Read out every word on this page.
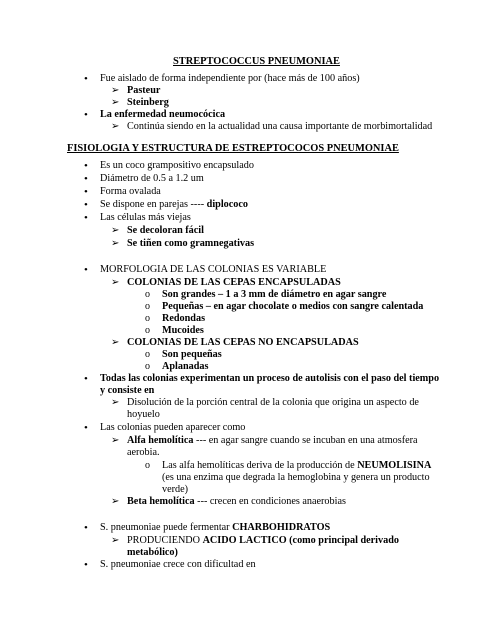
STREPTOCOCCUS PNEUMONIAE
•
Fue aislado de forma independiente por (hace más de 100 años)
➢
Pasteur
➢
Steinberg
•
La enfermedad neumocócica
➢
Continúa siendo en la actualidad una causa importante de morbimortalidad
FISIOLOGIA Y ESTRUCTURA DE ESTREPTOCOCOS PNEUMONIAE
•
Es un coco grampositivo encapsulado
•
Diámetro de 0.5 a 1.2 um
•
Forma ovalada
•
Se dispone en parejas ---- diplococo
•
Las células más viejas
➢
Se decoloran fácil
➢
Se tiñen como gramnegativas
•
MORFOLOGIA DE LAS COLONIAS ES VARIABLE
➢
COLONIAS DE LAS CEPAS ENCAPSULADAS
o
Son grandes – 1 a 3 mm de diámetro en agar sangre
o
Pequeñas – en agar chocolate o medios con sangre calentada
o
Redondas
o
Mucoides
➢
COLONIAS DE LAS CEPAS NO ENCAPSULADAS
o
Son pequeñas
o
Aplanadas
•
Todas las colonias experimentan un proceso de autolisis con el paso del tiempo
y consiste en
➢
Disolución de la porción central de la colonia que origina un aspecto de
hoyuelo
•
Las colonias pueden aparecer como
➢
Alfa hemolítica --- en agar sangre cuando se incuban en una atmosfera
aerobia.
o
Las alfa hemolíticas deriva de la producción de NEUMOLISINA
(es una enzima que degrada la hemoglobina y genera un producto
verde)
➢
Beta hemolítica --- crecen en condiciones anaerobias
•
S. pneumoniae puede fermentar CHARBOHIDRATOS
➢
PRODUCIENDO ACIDO LACTICO (como principal derivado
metabólico)
•
S. pneumoniae crece con dificultad en
